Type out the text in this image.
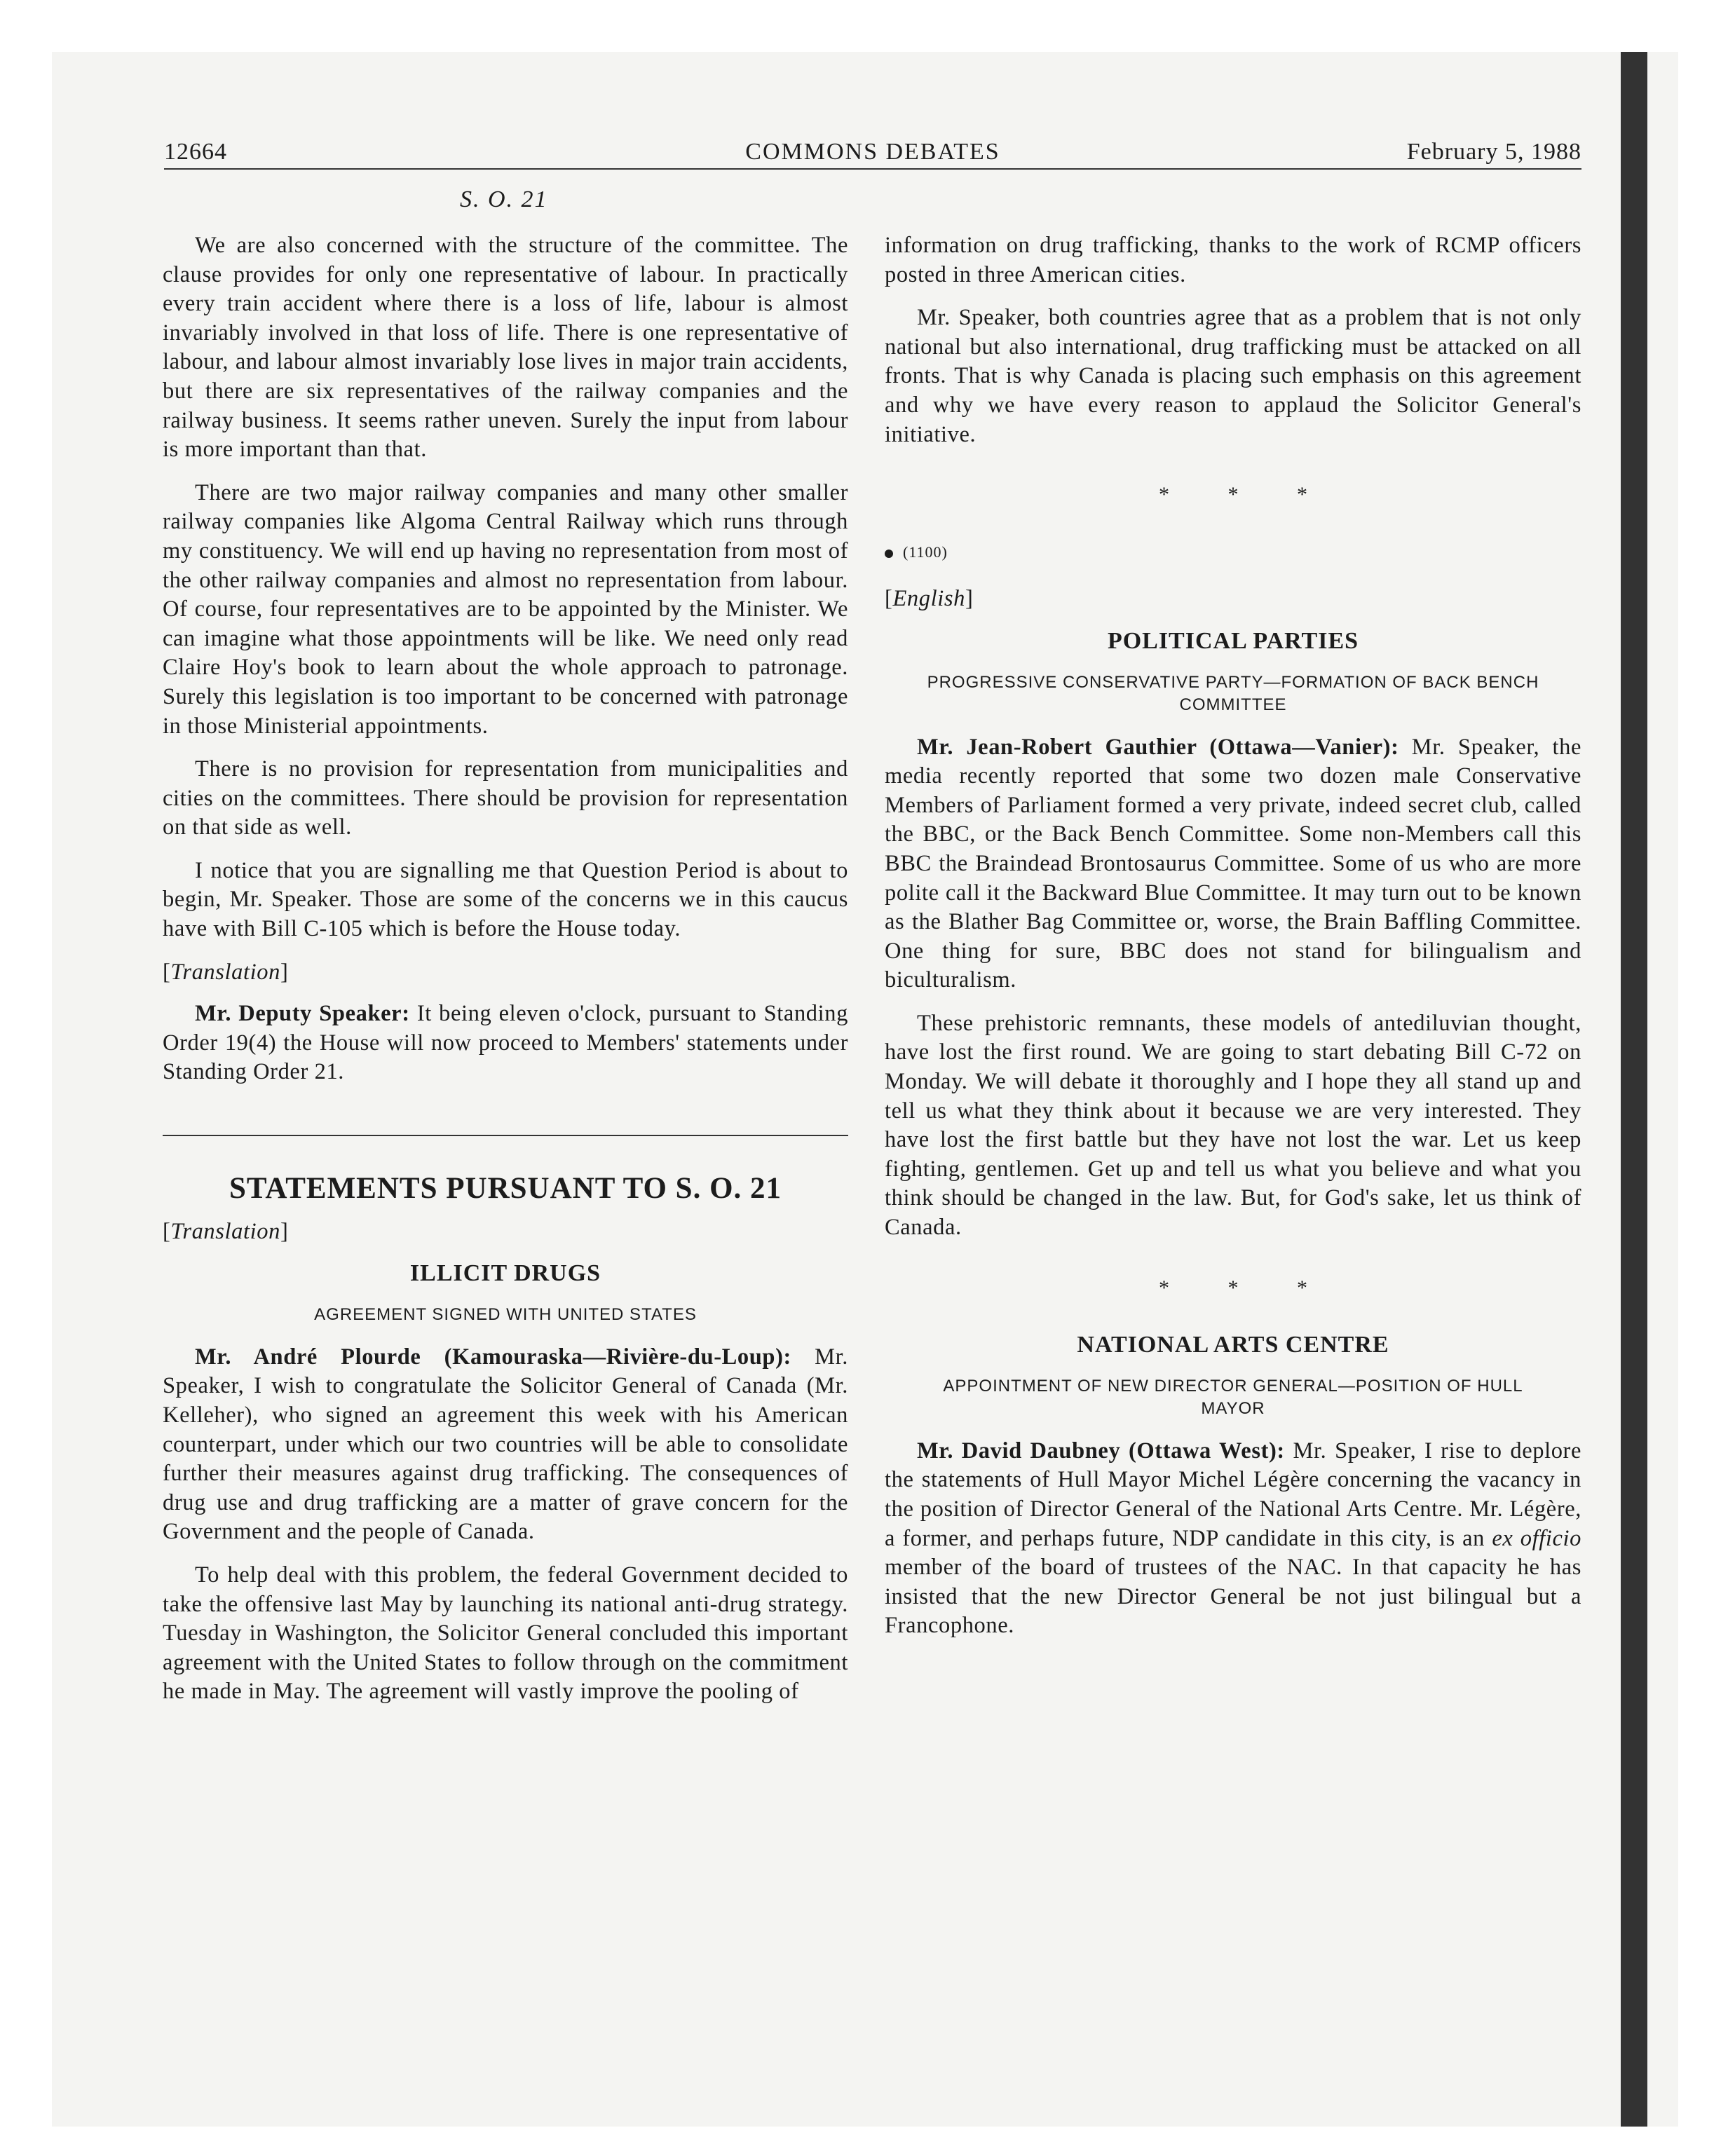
12664	COMMONS DEBATES	February 5, 1988
S. O. 21

We are also concerned with the structure of the committee. The clause provides for only one representative of labour. In practically every train accident where there is a loss of life, labour is almost invariably involved in that loss of life. There is one representative of labour, and labour almost invariably lose lives in major train accidents, but there are six representatives of the railway companies and the railway business. It seems rather uneven. Surely the input from labour is more important than that.

There are two major railway companies and many other smaller railway companies like Algoma Central Railway which runs through my constituency. We will end up having no representation from most of the other railway companies and almost no representation from labour. Of course, four representatives are to be appointed by the Minister. We can imagine what those appointments will be like. We need only read Claire Hoy's book to learn about the whole approach to patronage. Surely this legislation is too important to be concerned with patronage in those Ministerial appointments.

There is no provision for representation from municipalities and cities on the committees. There should be provision for representation on that side as well.

I notice that you are signalling me that Question Period is about to begin, Mr. Speaker. Those are some of the concerns we in this caucus have with Bill C-105 which is before the House today.

[Translation]

Mr. Deputy Speaker: It being eleven o'clock, pursuant to Standing Order 19(4) the House will now proceed to Members' statements under Standing Order 21.

STATEMENTS PURSUANT TO S. O. 21
[Translation]
ILLICIT DRUGS
AGREEMENT SIGNED WITH UNITED STATES

Mr. André Plourde (Kamouraska—Rivière-du-Loup): Mr. Speaker, I wish to congratulate the Solicitor General of Canada (Mr. Kelleher), who signed an agreement this week with his American counterpart, under which our two countries will be able to consolidate further their measures against drug trafficking. The consequences of drug use and drug trafficking are a matter of grave concern for the Government and the people of Canada.

To help deal with this problem, the federal Government decided to take the offensive last May by launching its national anti-drug strategy. Tuesday in Washington, the Solicitor General concluded this important agreement with the United States to follow through on the commitment he made in May. The agreement will vastly improve the pooling of

information on drug trafficking, thanks to the work of RCMP officers posted in three American cities.

Mr. Speaker, both countries agree that as a problem that is not only national but also international, drug trafficking must be attacked on all fronts. That is why Canada is placing such emphasis on this agreement and why we have every reason to applaud the Solicitor General's initiative.

* * *
(1100)
[English]
POLITICAL PARTIES
PROGRESSIVE CONSERVATIVE PARTY—FORMATION OF BACK BENCH COMMITTEE

Mr. Jean-Robert Gauthier (Ottawa—Vanier): Mr. Speaker, the media recently reported that some two dozen male Conservative Members of Parliament formed a very private, indeed secret club, called the BBC, or the Back Bench Committee. Some non-Members call this BBC the Braindead Brontosaurus Committee. Some of us who are more polite call it the Backward Blue Committee. It may turn out to be known as the Blather Bag Committee or, worse, the Brain Baffling Committee. One thing for sure, BBC does not stand for bilingualism and biculturalism.

These prehistoric remnants, these models of antediluvian thought, have lost the first round. We are going to start debating Bill C-72 on Monday. We will debate it thoroughly and I hope they all stand up and tell us what they think about it because we are very interested. They have lost the first battle but they have not lost the war. Let us keep fighting, gentlemen. Get up and tell us what you believe and what you think should be changed in the law. But, for God's sake, let us think of Canada.

* * *
NATIONAL ARTS CENTRE
APPOINTMENT OF NEW DIRECTOR GENERAL—POSITION OF HULL MAYOR

Mr. David Daubney (Ottawa West): Mr. Speaker, I rise to deplore the statements of Hull Mayor Michel Légère concerning the vacancy in the position of Director General of the National Arts Centre. Mr. Légère, a former, and perhaps future, NDP candidate in this city, is an ex officio member of the board of trustees of the NAC. In that capacity he has insisted that the new Director General be not just bilingual but a Francophone.
